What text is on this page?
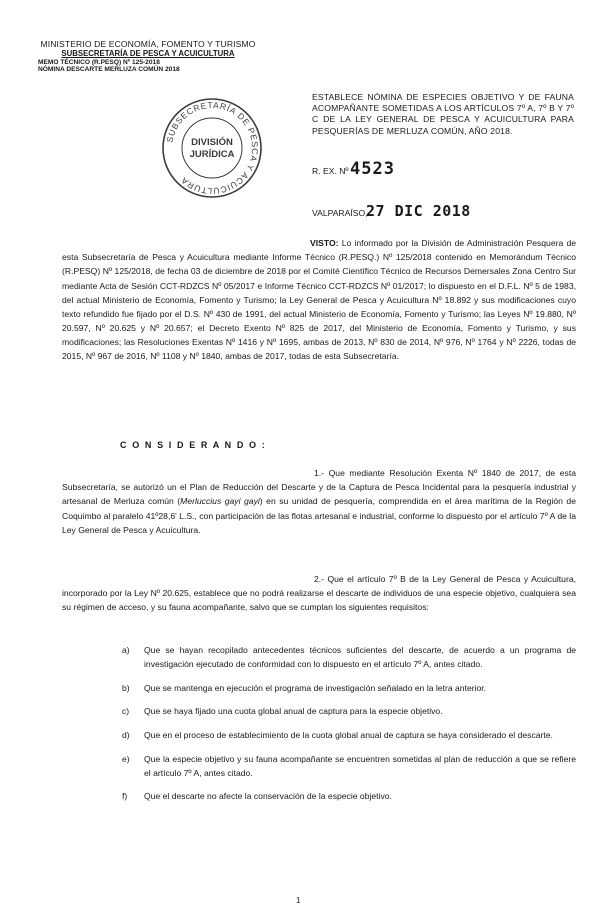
MINISTERIO DE ECONOMÍA, FOMENTO Y TURISMO
SUBSECRETARÍA DE PESCA Y ACUICULTURA
MEMO TÉCNICO (R.PESQ) Nº 125-2018
NÓMINA DESCARTE MERLUZA COMÚN 2018
SUBSECRETARÍA DE PESCA Y ACUICULTURA
DIVISIÓN
JURÍDICA
ESTABLECE NÓMINA DE ESPECIES OBJETIVO Y DE FAUNA ACOMPAÑANTE SOMETIDAS A LOS ARTÍCULOS 7º A, 7º B Y 7º C DE LA LEY GENERAL DE PESCA Y ACUICULTURA PARA PESQUERÍAS DE MERLUZA COMÚN, AÑO 2018.
R. EX. Nº 4523
VALPARAÍSO,
27 DIC 2018
VISTO: Lo informado por la División de Administración Pesquera de esta Subsecretaría de Pesca y Acuicultura mediante Informe Técnico (R.PESQ.) Nº 125/2018 contenido en Memorándum Técnico (R.PESQ) Nº 125/2018, de fecha 03 de diciembre de 2018 por el Comité Científico Técnico de Recursos Demersales Zona Centro Sur mediante Acta de Sesión CCT-RDZCS Nº 05/2017 e Informe Técnico CCT-RDZCS Nº 01/2017; lo dispuesto en el D.F.L. Nº 5 de 1983, del actual Ministerio de Economía, Fomento y Turismo; la Ley General de Pesca y Acuicultura Nº 18.892 y sus modificaciones cuyo texto refundido fue fijado por el D.S. Nº 430 de 1991, del actual Ministerio de Economía, Fomento y Turismo; las Leyes Nº 19.880, Nº 20.597, Nº 20.625 y Nº 20.657; el Decreto Exento Nº 825 de 2017, del Ministerio de Economía, Fomento y Turismo, y sus modificaciones; las Resoluciones Exentas Nº 1416 y Nº 1695, ambas de 2013, Nº 830 de 2014, Nº 976, Nº 1764 y Nº 2226, todas de 2015, Nº 967 de 2016, Nº 1108 y Nº 1840, ambas de 2017, todas de esta Subsecretaría.
C O N S I D E R A N D O :
1.- Que mediante Resolución Exenta Nº 1840 de 2017, de esta Subsecretaría, se autorizó un el Plan de Reducción del Descarte y de la Captura de Pesca Incidental para la pesquería industrial y artesanal de Merluza común (Merluccius gayi gayi) en su unidad de pesquería, comprendida en el área marítima de la Región de Coquimbo al paralelo 41º28,6' L.S., con participación de las flotas artesanal e industrial, conforme lo dispuesto por el artículo 7º A de la Ley General de Pesca y Acuicultura.
2.- Que el artículo 7º B de la Ley General de Pesca y Acuicultura, incorporado por la Ley Nº 20.625, establece que no podrá realizarse el descarte de individuos de una especie objetivo, cualquiera sea su régimen de acceso, y su fauna acompañante, salvo que se cumplan los siguientes requisitos:
a) Que se hayan recopilado antecedentes técnicos suficientes del descarte, de acuerdo a un programa de investigación ejecutado de conformidad con lo dispuesto en el artículo 7º A, antes citado.
b) Que se mantenga en ejecución el programa de investigación señalado en la letra anterior.
c) Que se haya fijado una cuota global anual de captura para la especie objetivo.
d) Que en el proceso de establecimiento de la cuota global anual de captura se haya considerado el descarte.
e) Que la especie objetivo y su fauna acompañante se encuentren sometidas al plan de reducción a que se refiere el artículo 7º A, antes citado.
f) Que el descarte no afecte la conservación de la especie objetivo.
1
